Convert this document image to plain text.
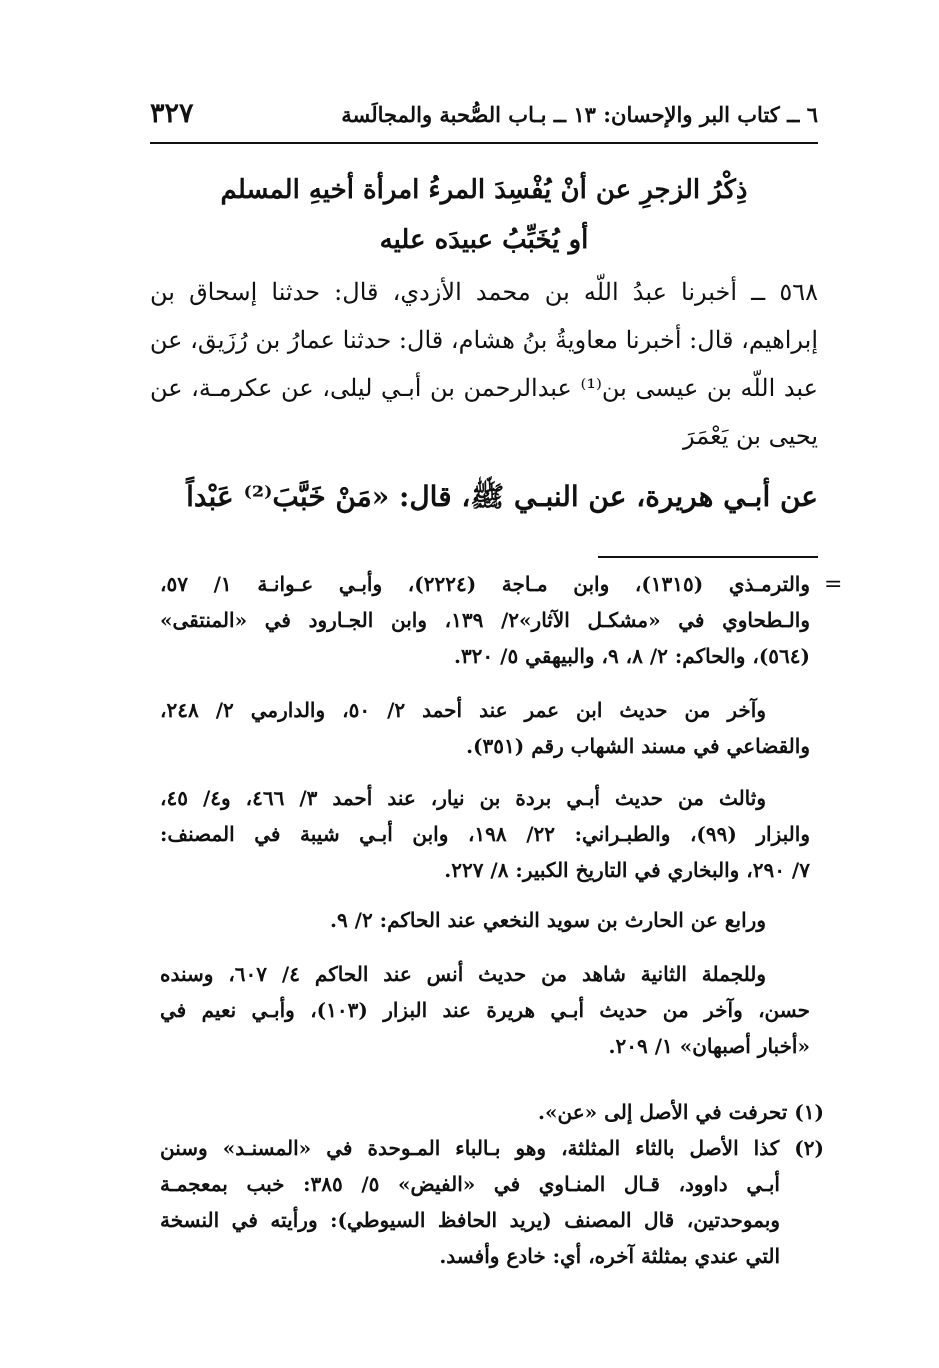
٦ ــ كتاب البر والإحسان: ١٣ ــ بـاب الصُّحبة والمجالَسة
٣٢٧
ذِكْرُ الزجرِ عن أنْ يُفْسِدَ المرءُ امرأة أخيهِ المسلم
أو يُخَبِّبُ عبيدَه عليه
٥٦٨ ــ أخبرنا عبدُ اللّه بن محمد الأزدي، قال: حدثنا إسحاق بن
إبراهيم، قال: أخبرنا معاويةُ بنُ هشام، قال: حدثنا عمارُ بن رُزَيق، عن
عبد اللّه بن عيسى بن⁽¹⁾ عبدالرحمن بن أبـي ليلى، عن عكرمـة، عن
يحيى بن يَعْمَرَ
عن أبـي هريرة، عن النبـي ﷺ، قال: «مَنْ خَبَّبَ⁽²⁾ عَبْداً
=
والترمـذي (١٣١٥)، وابن مـاجة (٢٢٢٤)، وأبـي عـوانـة ١/ ٥٧،
والـطحاوي في «مشكـل الآثار»٢/ ١٣٩، وابن الجـارود في «المنتقى»
(٥٦٤)، والحاكم: ٢/ ٨، ٩، والبيهقي ٥/ ٣٢٠.
وآخر من حديث ابن عمر عند أحمد ٢/ ٥٠، والدارمي ٢/ ٢٤٨،
والقضاعي في مسند الشهاب رقم (٣٥١).
وثالث من حديث أبـي بردة بن نيار، عند أحمد ٣/ ٤٦٦، و٤/ ٤٥،
والبزار (٩٩)، والطبـراني: ٢٢/ ١٩٨، وابن أبـي شيبة في المصنف:
٧/ ٢٩٠، والبخاري في التاريخ الكبير: ٨/ ٢٢٧.
ورابع عن الحارث بن سويد النخعي عند الحاكم: ٢/ ٩.
وللجملة الثانية شاهد من حديث أنس عند الحاكم ٤/ ٦٠٧، وسنده
حسن، وآخر من حديث أبـي هريرة عند البزار (١٠٣)، وأبـي نعيم في
«أخبار أصبهان» ١/ ٢٠٩.
(١) تحرفت في الأصل إلى «عن».
(٢) كذا الأصل بالثاء المثلثة، وهو بـالباء المـوحدة في «المسنـد» وسنن
أبـي داوود، قـال المنـاوي في «الفيض» ٥/ ٣٨٥: خبب بمعجمـة
وبموحدتين، قال المصنف (يريد الحافظ السيوطي): ورأيته في النسخة
التي عندي بمثلثة آخره، أي: خادع وأفسد.
